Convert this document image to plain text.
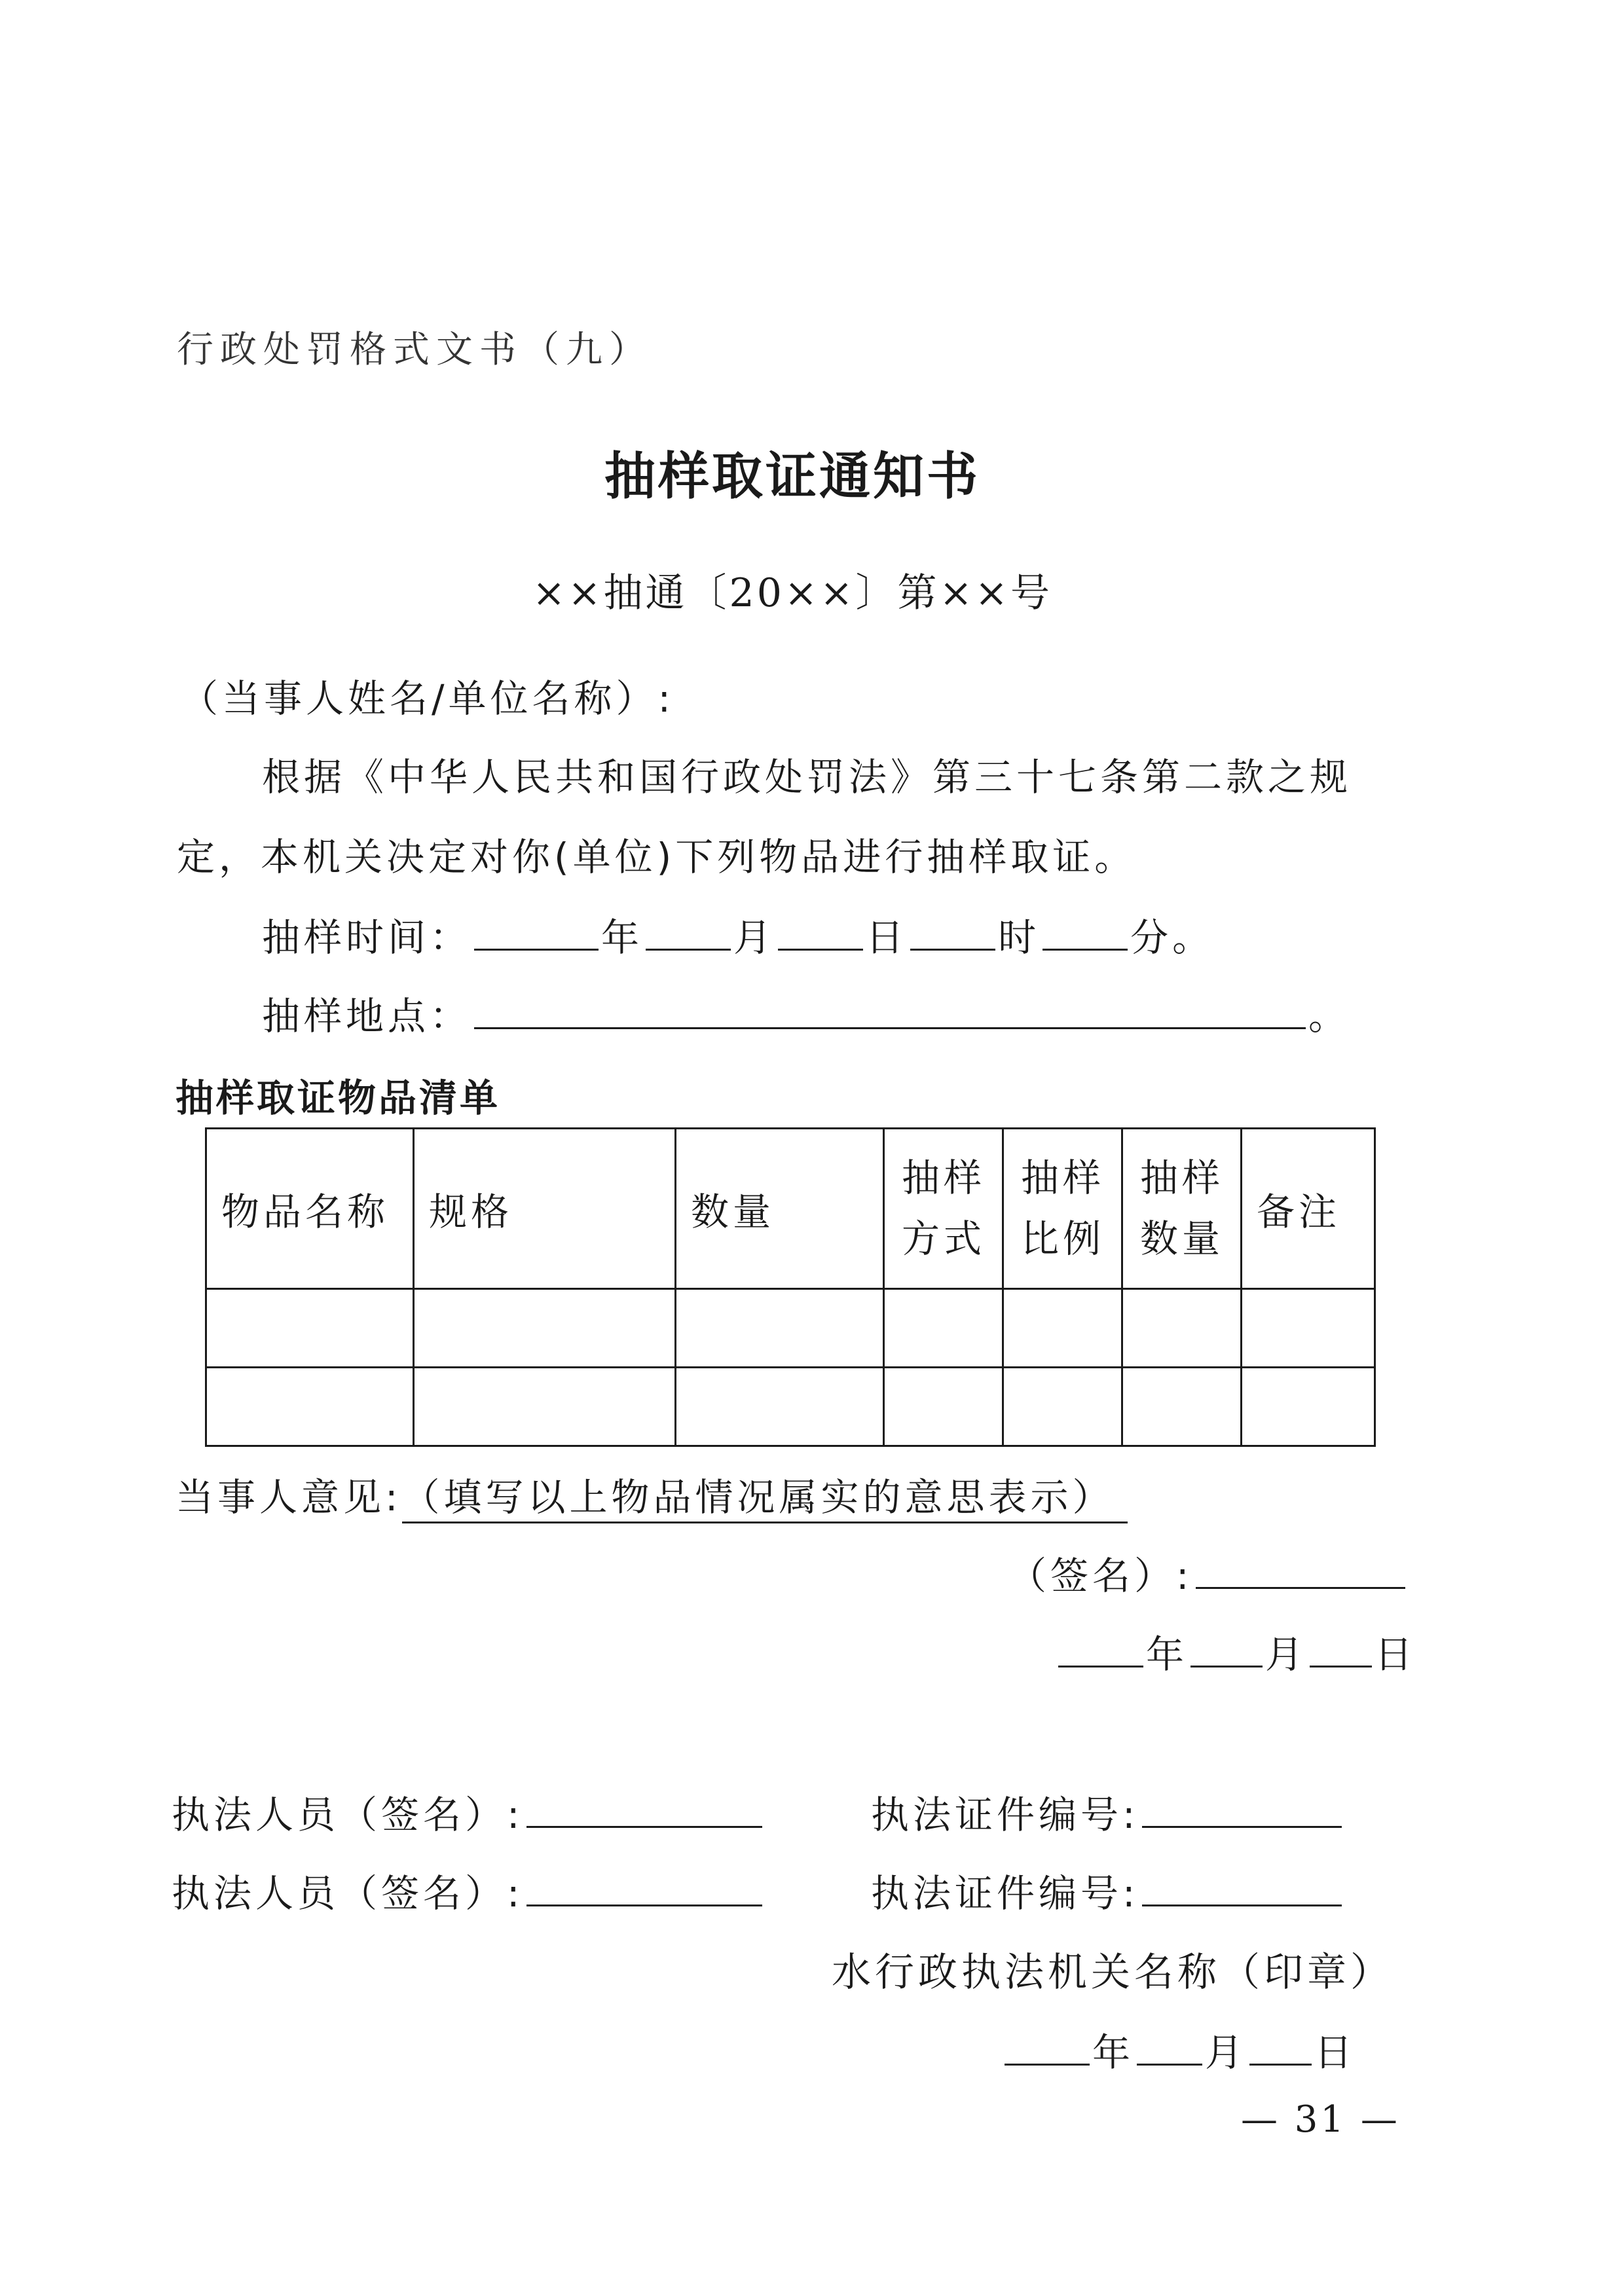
行政处罚格式文书（九）
抽样取证通知书
××抽通〔20××〕第××号
（当事人姓名/单位名称）:
根据《中华人民共和国行政处罚法》第三十七条第二款之规
定，本机关决定对你(单位)下列物品进行抽样取证。
抽样时间：	年 月 日 时 分。
抽样地点：	。
抽样取证物品清单
物品名称	规格	数量	抽样方式	抽样比例	抽样数量	备注

当事人意见:（填写以上物品情况属实的意思表示）
（签名）:
年 月 日
执法人员（签名）:	执法证件编号:
执法人员（签名）:	执法证件编号:
水行政执法机关名称（印章）
年 月 日
— 31 —
